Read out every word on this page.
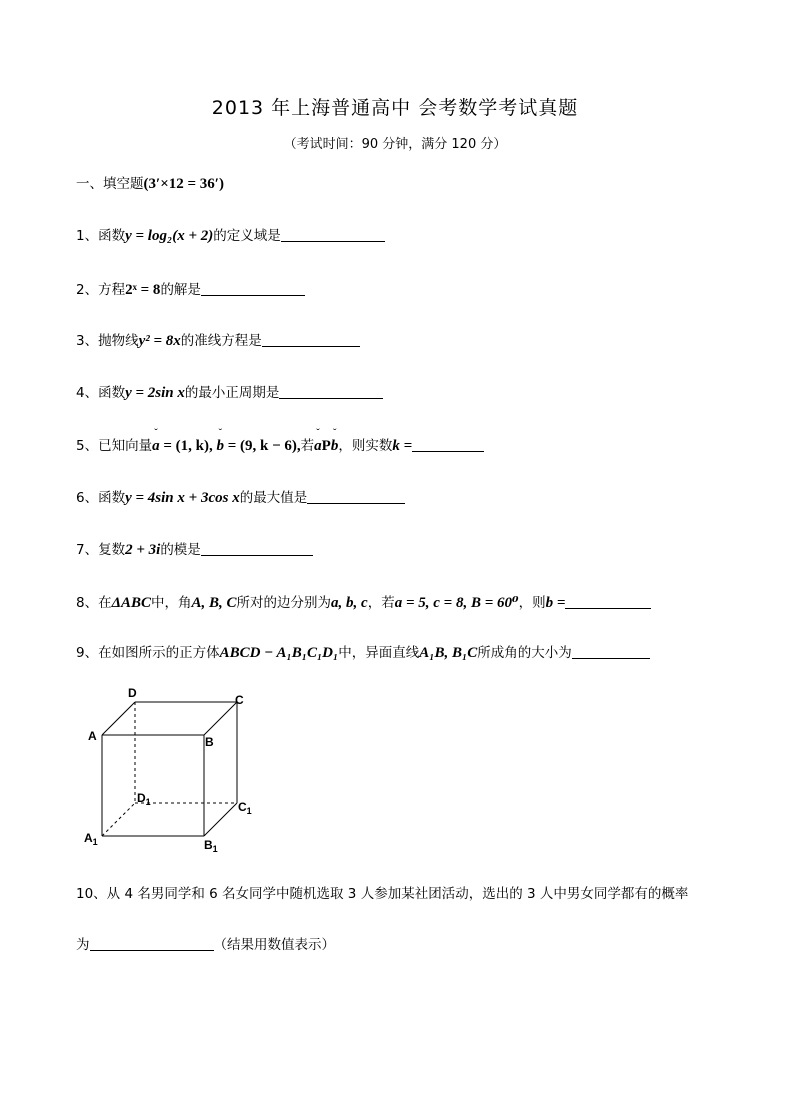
2013 年上海普通高中 会考数学考试真题
（考试时间：90 分钟，满分 120 分）
一、填空题(3′×12 = 36′)
1、函数y = log₂(x + 2)的定义域是
2、方程2ˣ = 8的解是
3、抛物线y² = 8x的准线方程是
4、函数y = 2sin x的最小正周期是
5、已知向量ˇ a = (1, k), ˇ b = (9, k − 6),若ˇ aPˇ b，则实数k =
6、函数y = 4sin x + 3cos x的最大值是
7、复数2 + 3i的模是
8、在ΔABC中，角A, B, C所对的边分别为a, b, c，若a = 5, c = 8, B = 60⁰，则b =
9、在如图所示的正方体ABCD − A₁B₁C₁D₁中，异面直线A₁B, B₁C所成角的大小为
D	C
A	B
$D_1$	$C_1$
$A_1$	$B_1$
10、从 4 名男同学和 6 名女同学中随机选取 3 人参加某社团活动，选出的 3 人中男女同学都有的概率
为	（结果用数值表示）
